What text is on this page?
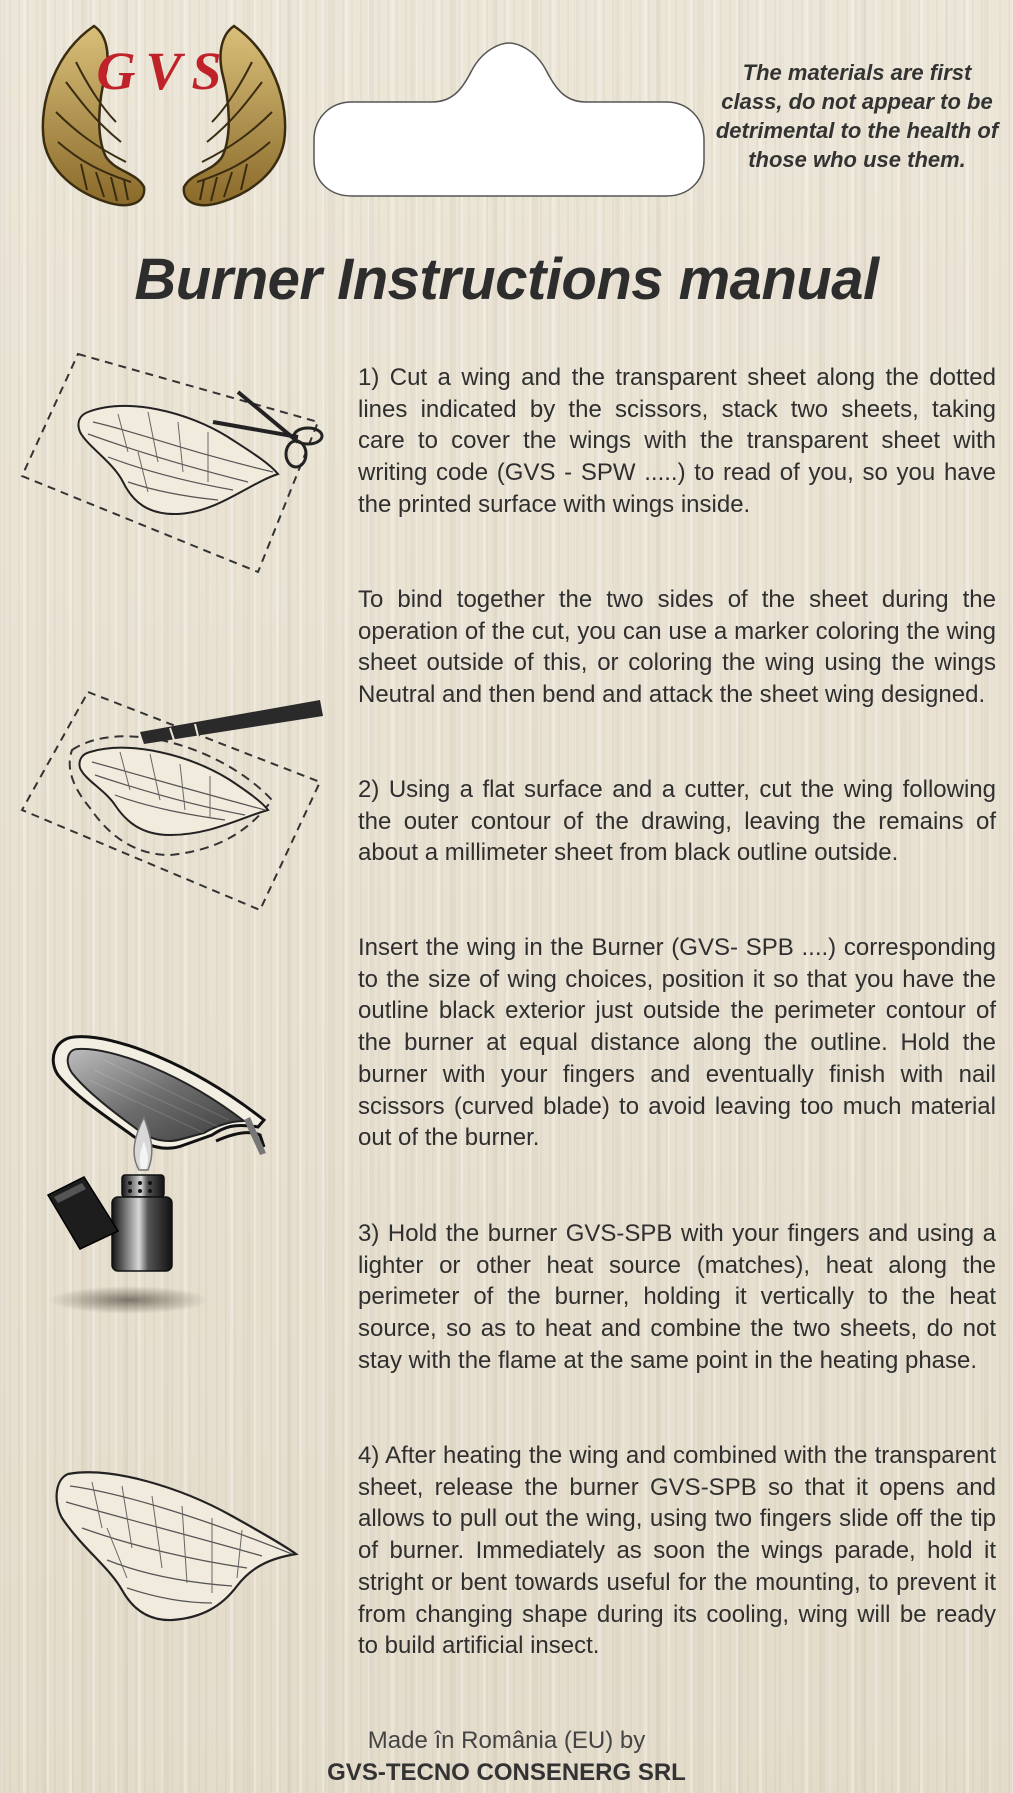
GVS	The materials are first class, do not appear to be detrimental to the health of those who use them.
Burner Instructions manual

1) Cut a wing and the transparent sheet along the dotted lines indicated by the scissors, stack two sheets, taking care to cover the wings with the transparent sheet with writing code (GVS - SPW .....) to read of you, so you have the printed surface with wings inside.

To bind together the two sides of the sheet during the operation of the cut, you can use a marker coloring the wing sheet outside of this, or coloring the wing using the wings Neutral and then bend and attack the sheet wing designed.

2) Using a flat surface and a cutter, cut the wing following the outer contour of the drawing, leaving the remains of about a millimeter sheet from black outline outside.

Insert the wing in the Burner (GVS- SPB ....) corresponding to the size of wing choices, position it so that you have the outline black exterior just outside the perimeter contour of the burner at equal distance along the outline. Hold the burner with your fingers and eventually finish with nail scissors (curved blade) to avoid leaving too much material out of the burner.

3) Hold the burner GVS-SPB with your fingers and using a lighter or other heat source (matches), heat along the perimeter of the burner, holding it vertically to the heat source, so as to heat and combine the two sheets, do not stay with the flame at the same point in the heating phase.

4) After heating the wing and combined with the transparent sheet, release the burner GVS-SPB so that it opens and allows to pull out the wing, using two fingers slide off the tip of burner. Immediately as soon the wings parade, hold it stright or bent towards useful for the mounting, to prevent it from changing shape during its cooling, wing will be ready to build artificial insect.

Made în România (EU) by
GVS-TECNO CONSENERG SRL
